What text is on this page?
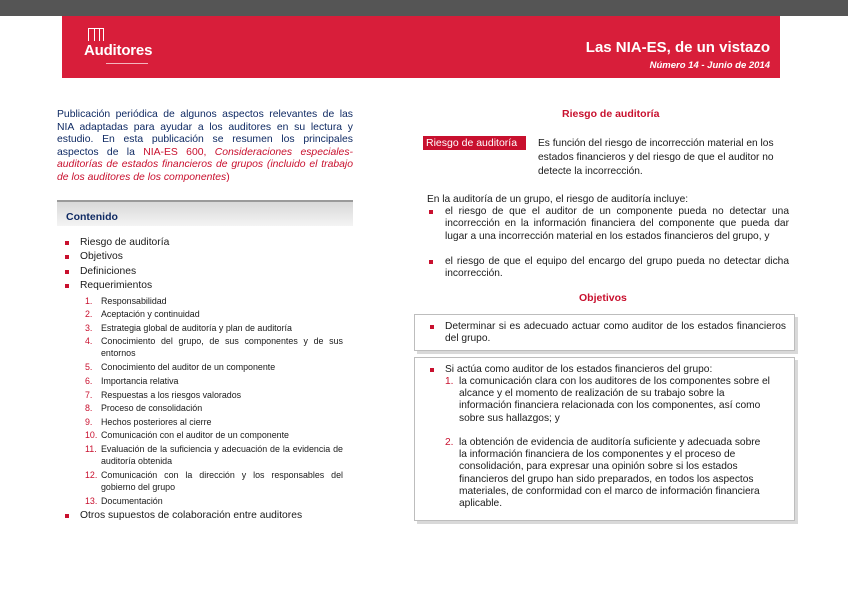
Auditores	Las NIA-ES, de un vistazo
Número 14 - Junio de 2014
Publicación periódica de algunos aspectos relevantes de las NIA adaptadas para ayudar a los auditores en su lectura y estudio. En esta publicación se resumen los principales aspectos de la NIA-ES 600, Consideraciones especiales- auditorías de estados financieros de grupos (incluido el trabajo de los auditores de los componentes)
Contenido
Riesgo de auditoría
Objetivos
Definiciones
Requerimientos
1. Responsabilidad
2. Aceptación y continuidad
3. Estrategia global de auditoría y plan de auditoría
4. Conocimiento del grupo, de sus componentes y de sus entornos
5. Conocimiento del auditor de un componente
6. Importancia relativa
7. Respuestas a los riesgos valorados
8. Proceso de consolidación
9. Hechos posteriores al cierre
10. Comunicación con el auditor de un componente
11. Evaluación de la suficiencia y adecuación de la evidencia de auditoría obtenida
12. Comunicación con la dirección y los responsables del gobierno del grupo
13. Documentación
Otros supuestos de colaboración entre auditores
Riesgo de auditoría
Riesgo de auditoría	Es función del riesgo de incorrección material en los estados financieros y del riesgo de que el auditor no detecte la incorrección.
En la auditoría de un grupo, el riesgo de auditoría incluye:
el riesgo de que el auditor de un componente pueda no detectar una incorrección en la información financiera del componente que pueda dar lugar a una incorrección material en los estados financieros del grupo, y
el riesgo de que el equipo del encargo del grupo pueda no detectar dicha incorrección.
Objetivos
Determinar si es adecuado actuar como auditor de los estados financieros del grupo.
Si actúa como auditor de los estados financieros del grupo:
1. la comunicación clara con los auditores de los componentes sobre el alcance y el momento de realización de su trabajo sobre la información financiera relacionada con los componentes, así como sobre sus hallazgos; y
2. la obtención de evidencia de auditoría suficiente y adecuada sobre la información financiera de los componentes y el proceso de consolidación, para expresar una opinión sobre si los estados financieros del grupo han sido preparados, en todos los aspectos materiales, de conformidad con el marco de información financiera aplicable.
